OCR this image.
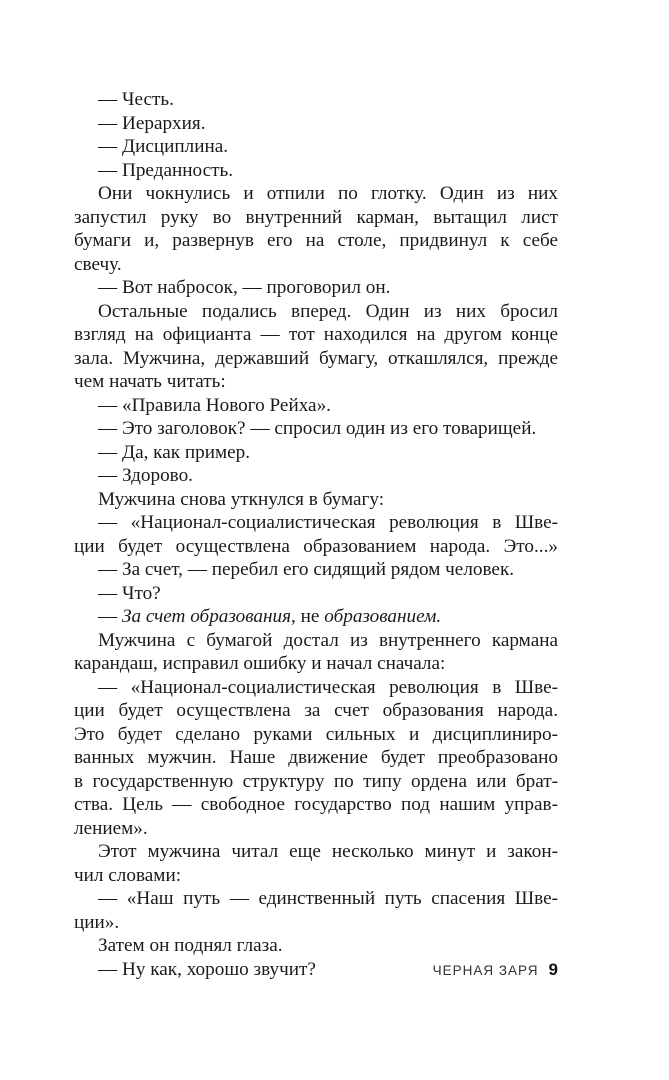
— Честь.
— Иерархия.
— Дисциплина.
— Преданность.
Они чокнулись и отпили по глотку. Один из них
запустил руку во внутренний карман, вытащил лист
бумаги и, развернув его на столе, придвинул к себе
свечу.
— Вот набросок, — проговорил он.
Остальные подались вперед. Один из них бросил
взгляд на официанта — тот находился на другом конце
зала. Мужчина, державший бумагу, откашлялся, прежде
чем начать читать:
— «Правила Нового Рейха».
— Это заголовок? — спросил один из его товарищей.
— Да, как пример.
— Здорово.
Мужчина снова уткнулся в бумагу:
— «Национал-социалистическая революция в Шве-
ции будет осуществлена образованием народа. Это...»
— За счет, — перебил его сидящий рядом человек.
— Что?
— За счет образования, не образованием.
Мужчина с бумагой достал из внутреннего кармана
карандаш, исправил ошибку и начал сначала:
— «Национал-социалистическая революция в Шве-
ции будет осуществлена за счет образования народа.
Это будет сделано руками сильных и дисциплиниро-
ванных мужчин. Наше движение будет преобразовано
в государственную структуру по типу ордена или брат-
ства. Цель — свободное государство под нашим управ-
лением».
Этот мужчина читал еще несколько минут и закон-
чил словами:
— «Наш путь — единственный путь спасения Шве-
ции».
Затем он поднял глаза.
— Ну как, хорошо звучит?	ЧЕРНАЯ ЗАРЯ 9
